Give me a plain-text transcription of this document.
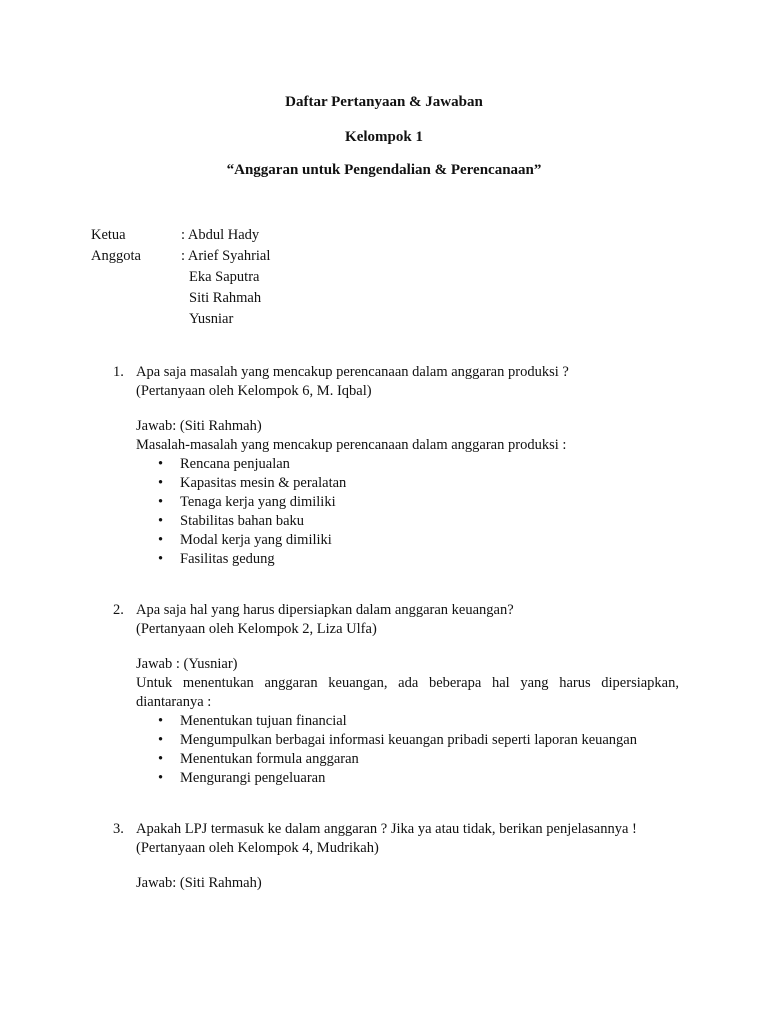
Daftar Pertanyaan & Jawaban
Kelompok 1
“Anggaran untuk Pengendalian & Perencanaan”
Ketua	: Abdul Hady
Anggota	: Arief Syahrial
Eka Saputra
Siti Rahmah
Yusniar
1. Apa saja masalah yang mencakup perencanaan dalam anggaran produksi ?
(Pertanyaan oleh Kelompok 6, M. Iqbal)
Jawab: (Siti Rahmah)
Masalah-masalah yang mencakup perencanaan dalam anggaran produksi :
•	Rencana penjualan
•	Kapasitas mesin & peralatan
•	Tenaga kerja yang dimiliki
•	Stabilitas bahan baku
•	Modal kerja yang dimiliki
•	Fasilitas gedung
2. Apa saja hal yang harus dipersiapkan dalam anggaran keuangan?
(Pertanyaan oleh Kelompok 2, Liza Ulfa)
Jawab : (Yusniar)
Untuk menentukan anggaran keuangan, ada beberapa hal yang harus dipersiapkan,
diantaranya :
•	Menentukan tujuan financial
•	Mengumpulkan berbagai informasi keuangan pribadi seperti laporan keuangan
•	Menentukan formula anggaran
•	Mengurangi pengeluaran
3. Apakah LPJ termasuk ke dalam anggaran ? Jika ya atau tidak, berikan penjelasannya !
(Pertanyaan oleh Kelompok 4, Mudrikah)
Jawab: (Siti Rahmah)
